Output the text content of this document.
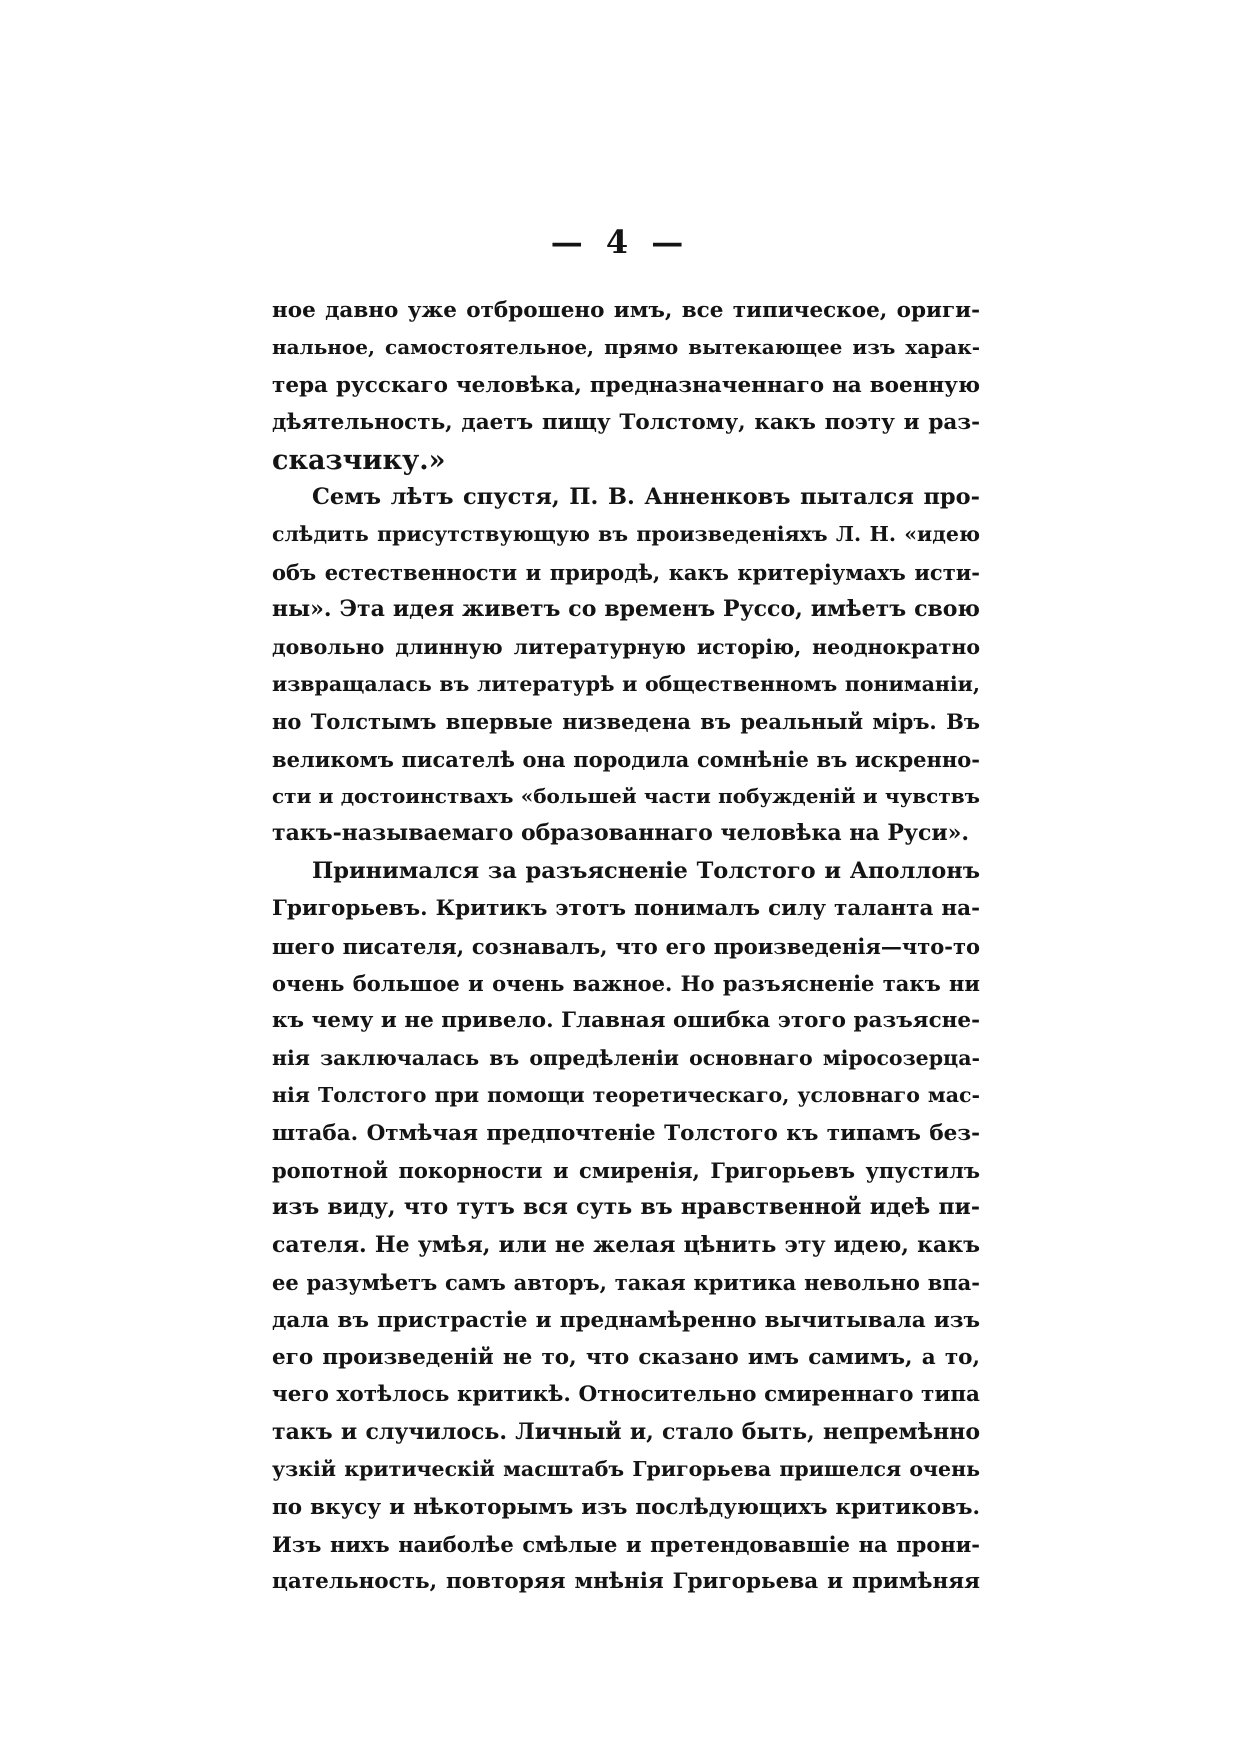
— 4 —
ное давно уже отброшено имъ, все типическое, ориги-
нальное, самостоятельное, прямо вытекающее изъ харак-
тера русскаго человѣка, предназначеннаго на военную
дѣятельность, даетъ пищу Толстому, какъ поэту и раз-
сказчику.»
Семъ лѣтъ спустя, П. В. Анненковъ пытался про-
слѣдить присутствующую въ произведеніяхъ Л. Н. «идею
объ естественности и природѣ, какъ критеріумахъ исти-
ны». Эта идея живетъ со временъ Руссо, имѣетъ свою
довольно длинную литературную исторію, неоднократно
извращалась въ литературѣ и общественномъ пониманіи,
но Толстымъ впервые низведена въ реальный міръ. Въ
великомъ писателѣ она породила сомнѣніе въ искренно-
сти и достоинствахъ «большей части побужденій и чувствъ
такъ-называемаго образованнаго человѣка на Руси».
Принимался за разъясненіе Толстого и Аполлонъ
Григорьевъ. Критикъ этотъ понималъ силу таланта на-
шего писателя, сознавалъ, что его произведенія—что-то
очень большое и очень важное. Но разъясненіе такъ ни
къ чему и не привело. Главная ошибка этого разъясне-
нія заключалась въ опредѣленіи основнаго міросозерца-
нія Толстого при помощи теоретическаго, условнаго мас-
штаба. Отмѣчая предпочтеніе Толстого къ типамъ без-
ропотной покорности и смиренія, Григорьевъ упустилъ
изъ виду, что тутъ вся суть въ нравственной идеѣ пи-
сателя. Не умѣя, или не желая цѣнить эту идею, какъ
ее разумѣетъ самъ авторъ, такая критика невольно впа-
дала въ пристрастіе и преднамѣренно вычитывала изъ
его произведеній не то, что сказано имъ самимъ, а то,
чего хотѣлось критикѣ. Относительно смиреннаго типа
такъ и случилось. Личный и, стало быть, непремѣнно
узкій критическій масштабъ Григорьева пришелся очень
по вкусу и нѣкоторымъ изъ послѣдующихъ критиковъ.
Изъ нихъ наиболѣе смѣлые и претендовавшіе на прони-
цательность, повторяя мнѣнія Григорьева и примѣняя
